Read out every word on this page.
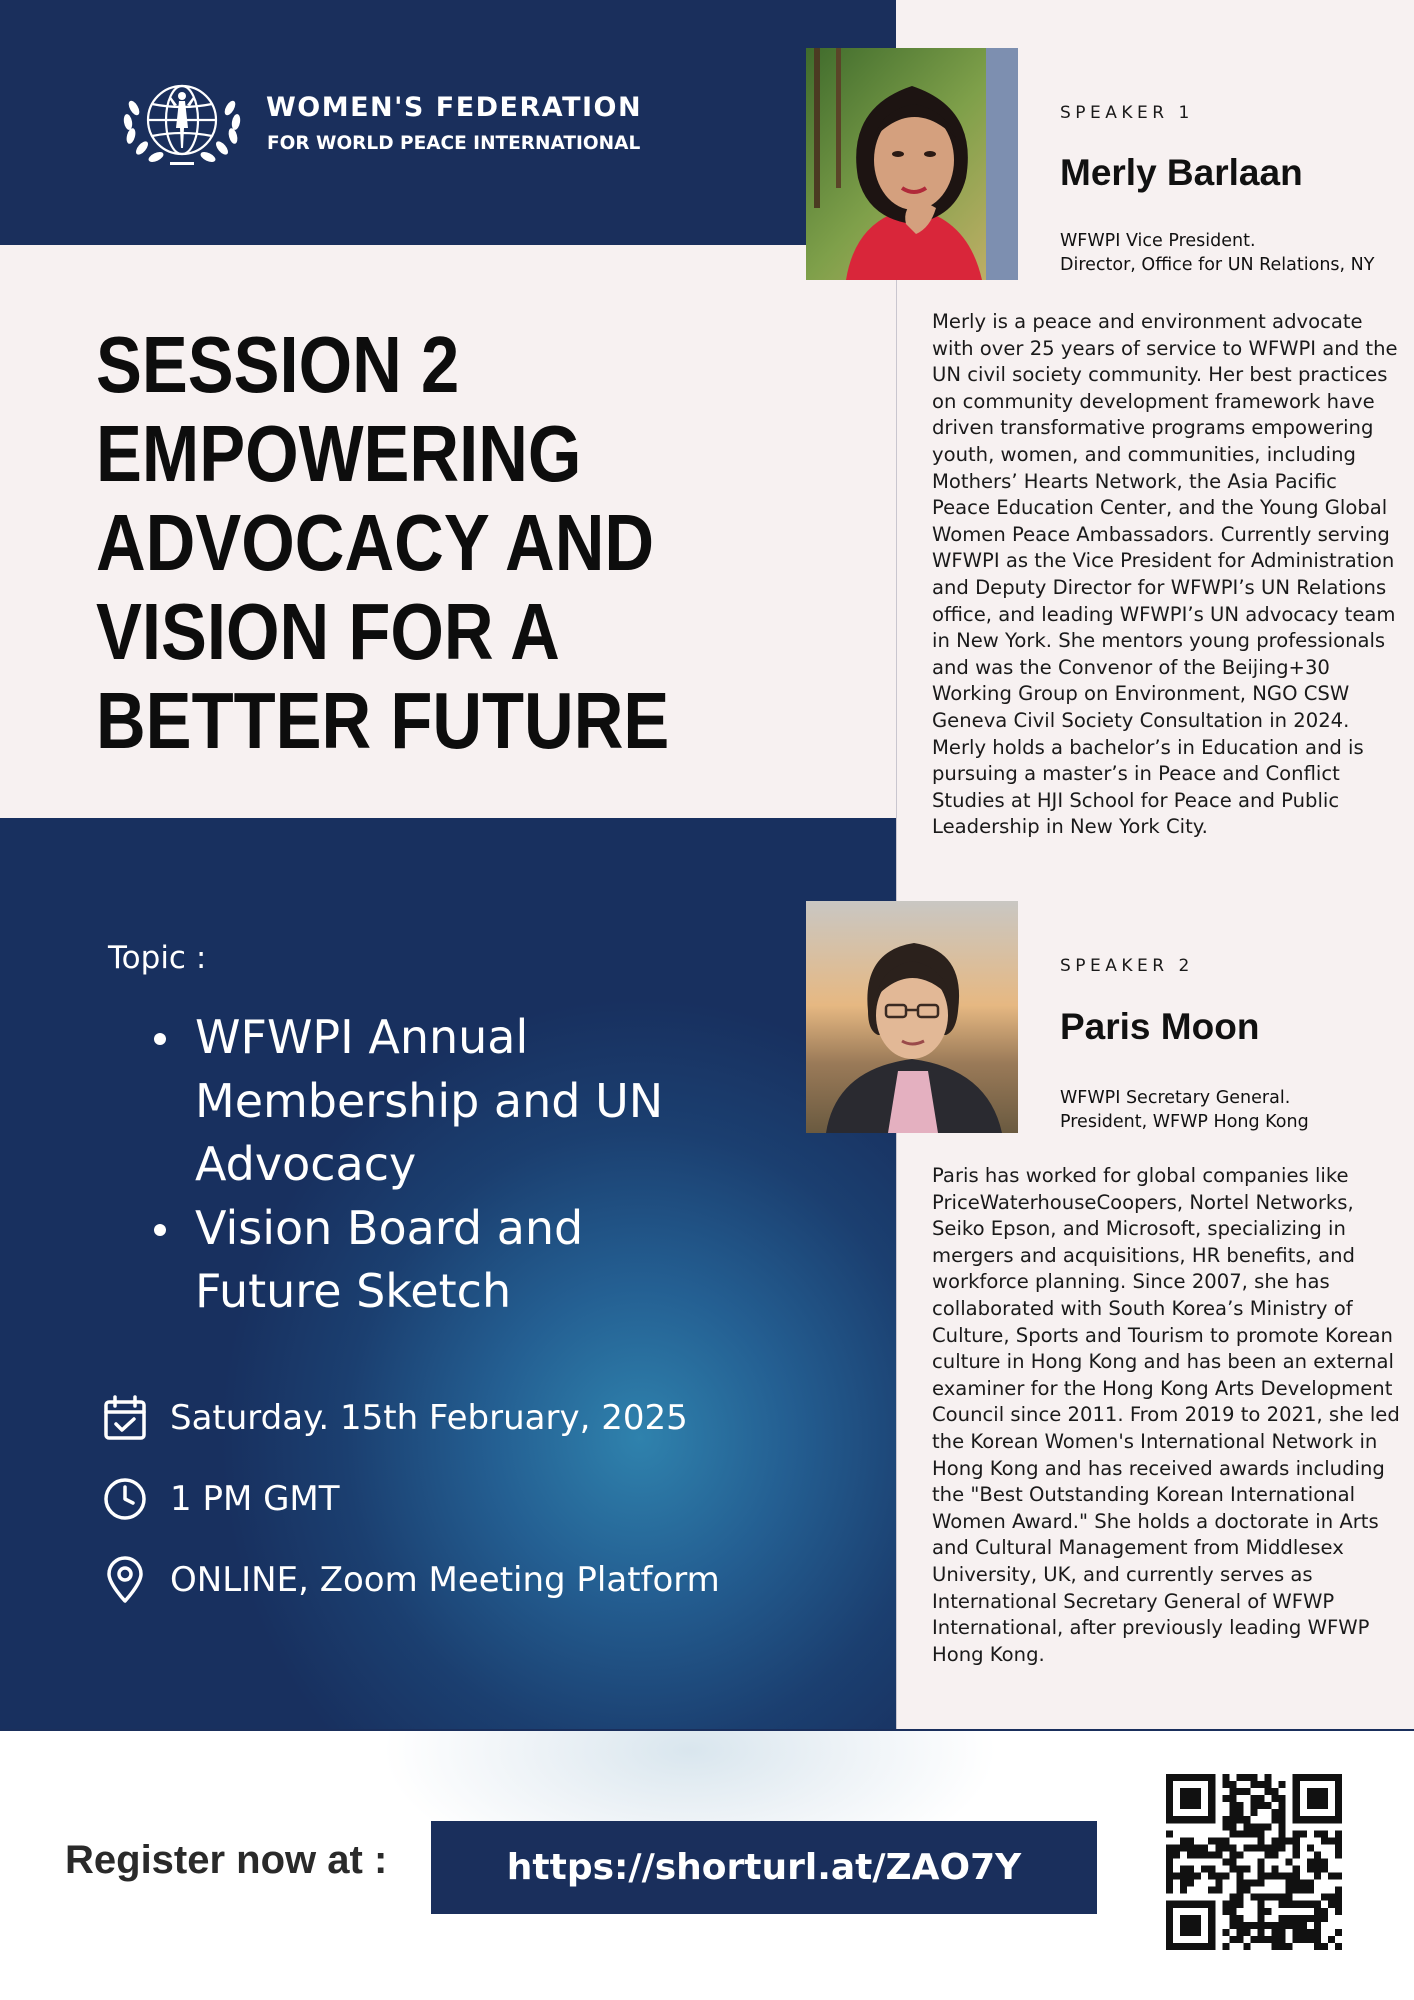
WOMEN'S FEDERATION
FOR WORLD PEACE INTERNATIONAL
SESSION 2
EMPOWERING
ADVOCACY AND
VISION FOR A
BETTER FUTURE
Topic :
WFWPI Annual Membership and UN Advocacy
Vision Board and Future Sketch
Saturday. 15th February, 2025
1 PM GMT
ONLINE, Zoom Meeting Platform
SPEAKER 1
Merly Barlaan
WFWPI Vice President.
Director, Office for UN Relations, NY

Merly is a peace and environment advocate with over 25 years of service to WFWPI and the UN civil society community. Her best practices on community development framework have driven transformative programs empowering youth, women, and communities, including Mothers’ Hearts Network, the Asia Pacific Peace Education Center, and the Young Global Women Peace Ambassadors. Currently serving WFWPI as the Vice President for Administration and Deputy Director for WFWPI’s UN Relations office, and leading WFWPI’s UN advocacy team in New York. She mentors young professionals and was the Convenor of the Beijing+30 Working Group on Environment, NGO CSW Geneva Civil Society Consultation in 2024. Merly holds a bachelor’s in Education and is pursuing a master’s in Peace and Conflict Studies at HJI School for Peace and Public Leadership in New York City.

SPEAKER 2
Paris Moon
WFWPI Secretary General.
President, WFWP Hong Kong

Paris has worked for global companies like PriceWaterhouseCoopers, Nortel Networks, Seiko Epson, and Microsoft, specializing in mergers and acquisitions, HR benefits, and workforce planning. Since 2007, she has collaborated with South Korea’s Ministry of Culture, Sports and Tourism to promote Korean culture in Hong Kong and has been an external examiner for the Hong Kong Arts Development Council since 2011. From 2019 to 2021, she led the Korean Women's International Network in Hong Kong and has received awards including the "Best Outstanding Korean International Women Award." She holds a doctorate in Arts and Cultural Management from Middlesex University, UK, and currently serves as International Secretary General of WFWP International, after previously leading WFWP Hong Kong.

Register now at :	https://shorturl.at/ZAO7Y
